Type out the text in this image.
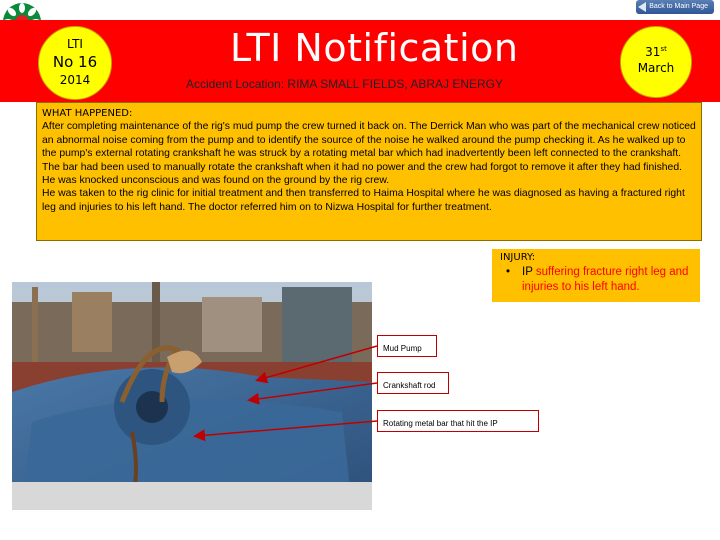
Back to Main Page
LTI
No 16
2014
LTI Notification
Accident Location: RIMA SMALL FIELDS, ABRAJ ENERGY
31st
March
WHAT HAPPENED:
After completing maintenance of the rig's mud pump the crew turned it back on. The Derrick Man who was part of the mechanical crew noticed an abnormal noise coming from the pump and to identify the source of the noise he walked around the pump checking it. As he walked up to the pump's external rotating crankshaft he was struck by a rotating metal bar which had inadvertently been left connected to the crankshaft. The bar had been used to manually rotate the crankshaft when it had no power and the crew had forgot to remove it after they had finished. He was knocked unconscious and was found on the ground by the rig crew.
He was taken to the rig clinic for initial treatment and then transferred to Haima Hospital where he was diagnosed as having a fractured right leg and injuries to his left hand. The doctor referred him on to Nizwa Hospital for further treatment.
INJURY:
• IP suffering fracture right leg and injuries to his left hand.
Mud Pump
Crankshaft rod
Rotating metal bar that hit the IP
